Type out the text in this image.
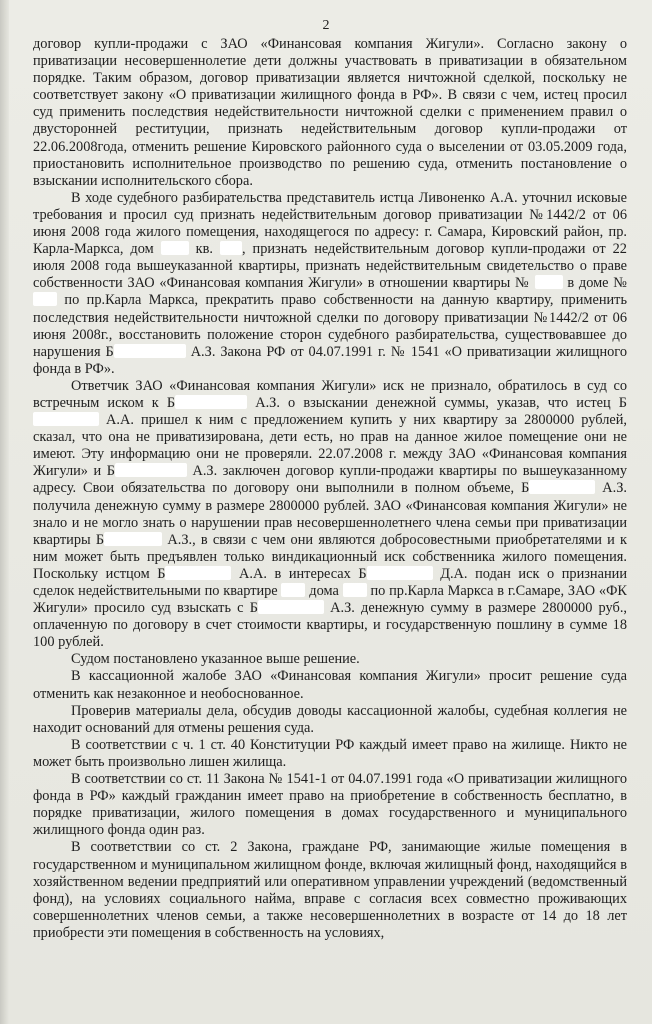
2

договор купли-продажи с ЗАО «Финансовая компания Жигули». Согласно закону о приватизации несовершеннолетие дети должны участвовать в приватизации в обязательном порядке. Таким образом, договор приватизации является ничтожной сделкой, поскольку не соответствует закону «О приватизации жилищного фонда в РФ». В связи с чем, истец просил суд применить последствия недействительности ничтожной сделки с применением правил о двусторонней реституции, признать недействительным договор купли-продажи от 22.06.2008года, отменить решение Кировского районного суда о выселении от 03.05.2009 года, приостановить исполнительное производство по решению суда, отменить постановление о взыскании исполнительского сбора.

В ходе судебного разбирательства представитель истца Ливоненко А.А. уточнил исковые требования и просил суд признать недействительным договор приватизации №1442/2 от 06 июня 2008 года жилого помещения, находящегося по адресу: г. Самара, Кировский район, пр. Карла-Маркса, дом	кв. , признать недействительным договор купли-продажи от 22 июля 2008 года вышеуказанной квартиры, признать недействительным свидетельство о праве собственности ЗАО «Финансовая компания Жигули» в отношении квартиры №	в доме №  по пр.Карла Маркса, прекратить право собственности на данную квартиру, применить последствия недействительности ничтожной сделки по договору приватизации №1442/2 от 06 июня 2008г., восстановить положение сторон судебного разбирательства, существовавшее до нарушения Б	А.З. Закона РФ от 04.07.1991 г. № 1541 «О приватизации жилищного фонда в РФ».

Ответчик ЗАО «Финансовая компания Жигули» иск не признало, обратилось в суд со встречным иском к Б	А.З. о взыскании денежной суммы, указав, что истец Б А.А. пришел к ним с предложением купить у них квартиру за 2800000 рублей, сказал, что она не приватизирована, дети есть, но прав на данное жилое помещение они не имеют. Эту информацию они не проверяли. 22.07.2008 г. между ЗАО «Финансовая компания Жигули» и Б	А.З. заключен договор купли-продажи квартиры по вышеуказанному адресу. Свои обязательства по договору они выполнили в полном объеме, Б	А.З. получила денежную сумму в размере 2800000 рублей. ЗАО «Финансовая компания Жигули» не знало и не могло знать о нарушении прав несовершеннолетнего члена семьи при приватизации квартиры Б	А.З., в связи с чем они являются добросовестными приобретателями и к ним может быть предъявлен только виндикационный иск собственника жилого помещения. Поскольку истцом Б	А.А. в интересах Б	Д.А. подан иск о признании сделок недействительными по квартире дома по пр.Карла Маркса в г.Самаре, ЗАО «ФК Жигули» просило суд взыскать с Б	А.З. денежную сумму в размере 2800000 руб., оплаченную по договору в счет стоимости квартиры, и государственную пошлину в сумме 18 100 рублей.

Судом постановлено указанное выше решение.

В кассационной жалобе ЗАО «Финансовая компания Жигули» просит решение суда отменить как незаконное и необоснованное.

Проверив материалы дела, обсудив доводы кассационной жалобы, судебная коллегия не находит оснований для отмены решения суда.

В соответствии с ч. 1 ст. 40 Конституции РФ каждый имеет право на жилище. Никто не может быть произвольно лишен жилища.

В соответствии со ст. 11 Закона № 1541-1 от 04.07.1991 года «О приватизации жилищного фонда в РФ» каждый гражданин имеет право на приобретение в собственность бесплатно, в порядке приватизации, жилого помещения в домах государственного и муниципального жилищного фонда один раз.

В соответствии со ст. 2 Закона, граждане РФ, занимающие жилые помещения в государственном и муниципальном жилищном фонде, включая жилищный фонд, находящийся в хозяйственном ведении предприятий или оперативном управлении учреждений (ведомственный фонд), на условиях социального найма, вправе с согласия всех совместно проживающих совершеннолетних членов семьи, а также несовершеннолетних в возрасте от 14 до 18 лет приобрести эти помещения в собственность на условиях,
